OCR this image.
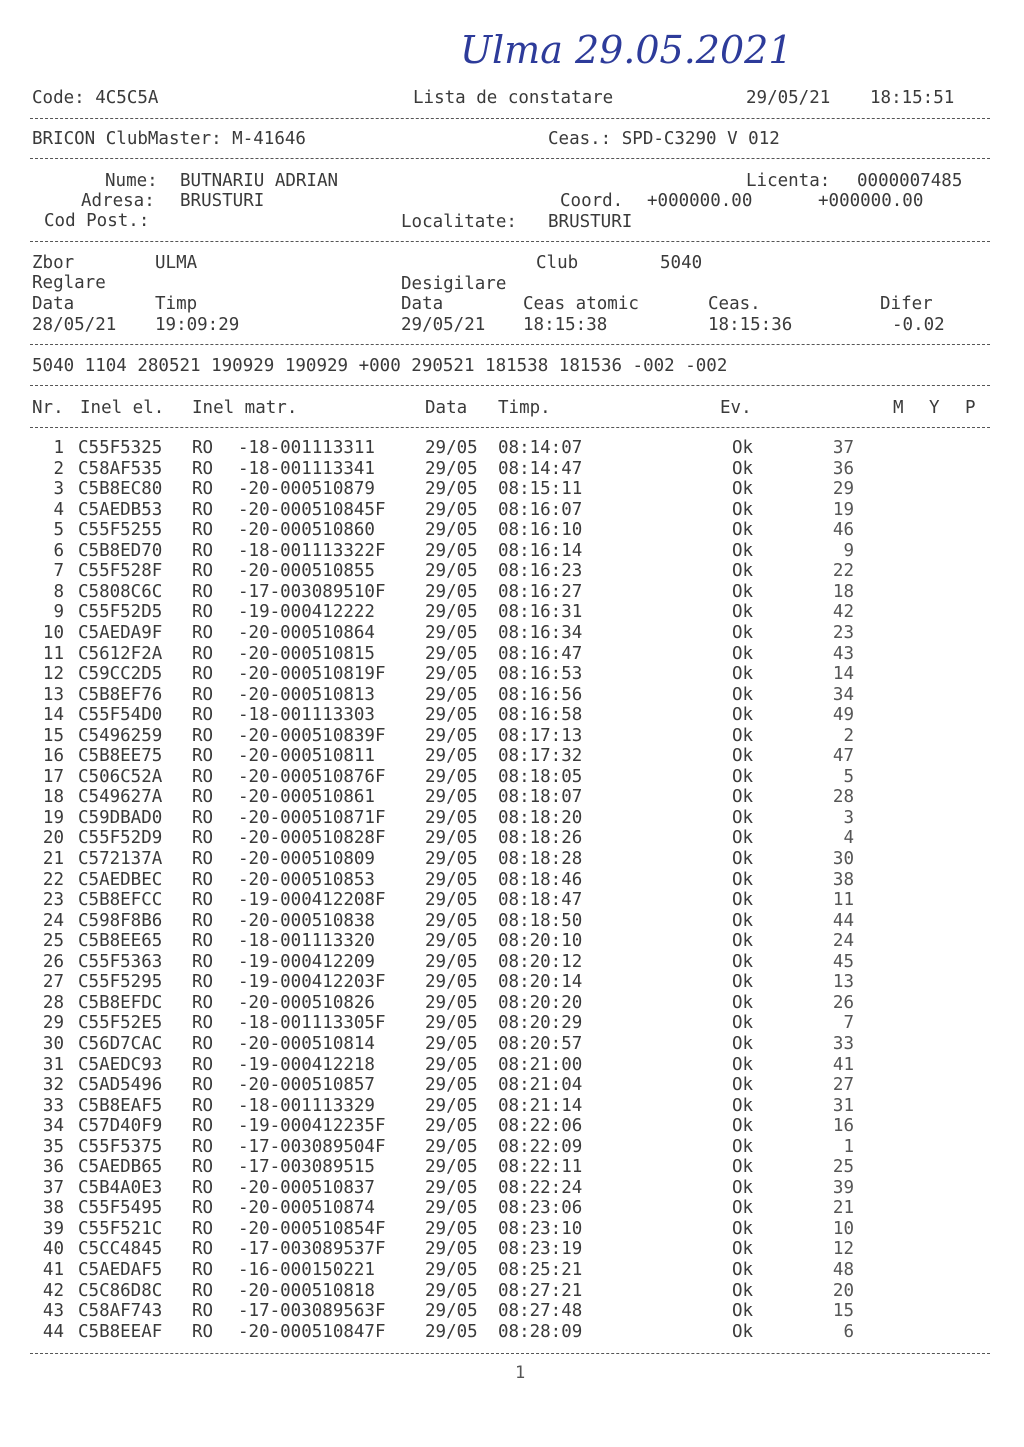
Ulma 29.05.2021
Code: 4C5C5A	Lista de constatare	29/05/21 18:15:51
BRICON ClubMaster: M-41646	Ceas.: SPD-C3290 V 012
Nume: BUTNARIU ADRIAN	Licenta: 0000007485
Adresa: BRUSTURI	Coord. +000000.00	+000000.00
Cod Post.:	Localitate: BRUSTURI
Zbor	ULMA	Club	5040
Reglare	Desigilare
Data	Timp	Data	Ceas atomic	Ceas.	Difer
28/05/21 19:09:29	29/05/21 18:15:38	18:15:36	-0.02
5040 1104 280521 190929 190929 +000 290521 181538 181536 -002 -002
Nr. Inel el. Inel matr.	Data Timp.	Ev.	M Y P
1 C55F5325 RO -18-001113311	29/05 08:14:07	Ok	37
2 C58AF535 RO -18-001113341	29/05 08:14:47	Ok	36
3 C5B8EC80 RO -20-000510879	29/05 08:15:11	Ok	29
4 C5AEDB53 RO -20-000510845F 29/05 08:16:07	Ok	19
5 C55F5255 RO -20-000510860	29/05 08:16:10	Ok	46
6 C5B8ED70 RO -18-001113322F 29/05 08:16:14	Ok	9
7 C55F528F RO -20-000510855	29/05 08:16:23	Ok	22
8 C5808C6C RO -17-003089510F 29/05 08:16:27	Ok	18
9 C55F52D5 RO -19-000412222	29/05 08:16:31	Ok	42
10 C5AEDA9F RO -20-000510864	29/05 08:16:34	Ok	23
11 C5612F2A RO -20-000510815	29/05 08:16:47	Ok	43
12 C59CC2D5 RO -20-000510819F 29/05 08:16:53	Ok	14
13 C5B8EF76 RO -20-000510813	29/05 08:16:56	Ok	34
14 C55F54D0 RO -18-001113303	29/05 08:16:58	Ok	49
15 C5496259 RO -20-000510839F 29/05 08:17:13	Ok	2
16 C5B8EE75 RO -20-000510811	29/05 08:17:32	Ok	47
17 C506C52A RO -20-000510876F 29/05 08:18:05	Ok	5
18 C549627A RO -20-000510861	29/05 08:18:07	Ok	28
19 C59DBAD0 RO -20-000510871F 29/05 08:18:20	Ok	3
20 C55F52D9 RO -20-000510828F 29/05 08:18:26	Ok	4
21 C572137A RO -20-000510809	29/05 08:18:28	Ok	30
22 C5AEDBEC RO -20-000510853	29/05 08:18:46	Ok	38
23 C5B8EFCC RO -19-000412208F 29/05 08:18:47	Ok	11
24 C598F8B6 RO -20-000510838	29/05 08:18:50	Ok	44
25 C5B8EE65 RO -18-001113320	29/05 08:20:10	Ok	24
26 C55F5363 RO -19-000412209	29/05 08:20:12	Ok	45
27 C55F5295 RO -19-000412203F 29/05 08:20:14	Ok	13
28 C5B8EFDC RO -20-000510826	29/05 08:20:20	Ok	26
29 C55F52E5 RO -18-001113305F 29/05 08:20:29	Ok	7
30 C56D7CAC RO -20-000510814	29/05 08:20:57	Ok	33
31 C5AEDC93 RO -19-000412218	29/05 08:21:00	Ok	41
32 C5AD5496 RO -20-000510857	29/05 08:21:04	Ok	27
33 C5B8EAF5 RO -18-001113329	29/05 08:21:14	Ok	31
34 C57D40F9 RO -19-000412235F 29/05 08:22:06	Ok	16
35 C55F5375 RO -17-003089504F 29/05 08:22:09	Ok	1
36 C5AEDB65 RO -17-003089515	29/05 08:22:11	Ok	25
37 C5B4A0E3 RO -20-000510837	29/05 08:22:24	Ok	39
38 C55F5495 RO -20-000510874	29/05 08:23:06	Ok	21
39 C55F521C RO -20-000510854F 29/05 08:23:10	Ok	10
40 C5CC4845 RO -17-003089537F 29/05 08:23:19	Ok	12
41 C5AEDAF5 RO -16-000150221	29/05 08:25:21	Ok	48
42 C5C86D8C RO -20-000510818	29/05 08:27:21	Ok	20
43 C58AF743 RO -17-003089563F 29/05 08:27:48	Ok	15
44 C5B8EEAF RO -20-000510847F 29/05 08:28:09	Ok	6
1
